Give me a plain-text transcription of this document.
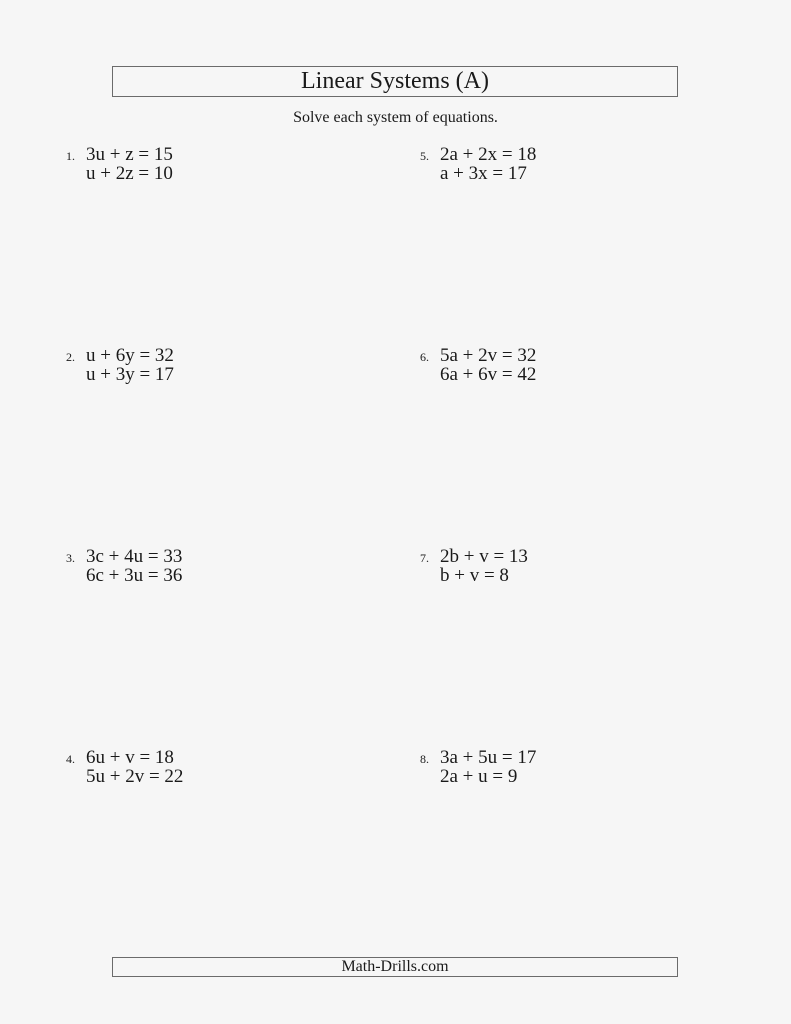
Linear Systems (A)
Solve each system of equations.
1. 3u + z = 15
u + 2z = 10
2. u + 6y = 32
u + 3y = 17
3. 3c + 4u = 33
6c + 3u = 36
4. 6u + v = 18
5u + 2v = 22
5. 2a + 2x = 18
a + 3x = 17
6. 5a + 2v = 32
6a + 6v = 42
7. 2b + v = 13
b + v = 8
8. 3a + 5u = 17
2a + u = 9
Math-Drills.com
